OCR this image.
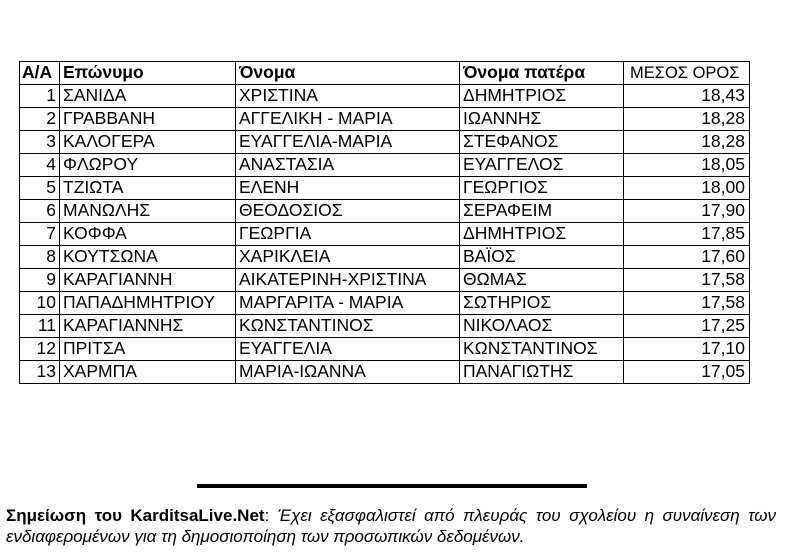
Α/Α	Επώνυμο	Όνομα	Όνομα πατέρα	ΜΕΣΟΣ ΟΡΟΣ
1	ΣΑΝΙΔΑ	ΧΡΙΣΤΙΝΑ	ΔΗΜΗΤΡΙΟΣ	18,43
2	ΓΡΑΒΒΑΝΗ	ΑΓΓΕΛΙΚΗ - ΜΑΡΙΑ	ΙΩΑΝΝΗΣ	18,28
3	ΚΑΛΟΓΕΡΑ	ΕΥΑΓΓΕΛΙΑ-ΜΑΡΙΑ	ΣΤΕΦΑΝΟΣ	18,28
4	ΦΛΩΡΟΥ	ΑΝΑΣΤΑΣΙΑ	ΕΥΑΓΓΕΛΟΣ	18,05
5	ΤΖΙΩΤΑ	ΕΛΕΝΗ	ΓΕΩΡΓΙΟΣ	18,00
6	ΜΑΝΩΛΗΣ	ΘΕΟΔΟΣΙΟΣ	ΣΕΡΑΦΕΙΜ	17,90
7	ΚΟΦΦΑ	ΓΕΩΡΓΙΑ	ΔΗΜΗΤΡΙΟΣ	17,85
8	ΚΟΥΤΣΩΝΑ	ΧΑΡΙΚΛΕΙΑ	ΒΑΪΟΣ	17,60
9	ΚΑΡΑΓΙΑΝΝΗ	ΑΙΚΑΤΕΡΙΝΗ-ΧΡΙΣΤΙΝΑ	ΘΩΜΑΣ	17,58
10	ΠΑΠΑΔΗΜΗΤΡΙΟΥ	ΜΑΡΓΑΡΙΤΑ - ΜΑΡΙΑ	ΣΩΤΗΡΙΟΣ	17,58
11	ΚΑΡΑΓΙΑΝΝΗΣ	ΚΩΝΣΤΑΝΤΙΝΟΣ	ΝΙΚΟΛΑΟΣ	17,25
12	ΠΡΙΤΣΑ	ΕΥΑΓΓΕΛΙΑ	ΚΩΝΣΤΑΝΤΙΝΟΣ	17,10
13	ΧΑΡΜΠΑ	ΜΑΡΙΑ-ΙΩΑΝΝΑ	ΠΑΝΑΓΙΩΤΗΣ	17,05
Σημείωση του KarditsaLive.Net: Έχει εξασφαλιστεί από πλευράς του σχολείου η συναίνεση των ενδιαφερομένων για τη δημοσιοποίηση των προσωπικών δεδομένων.
